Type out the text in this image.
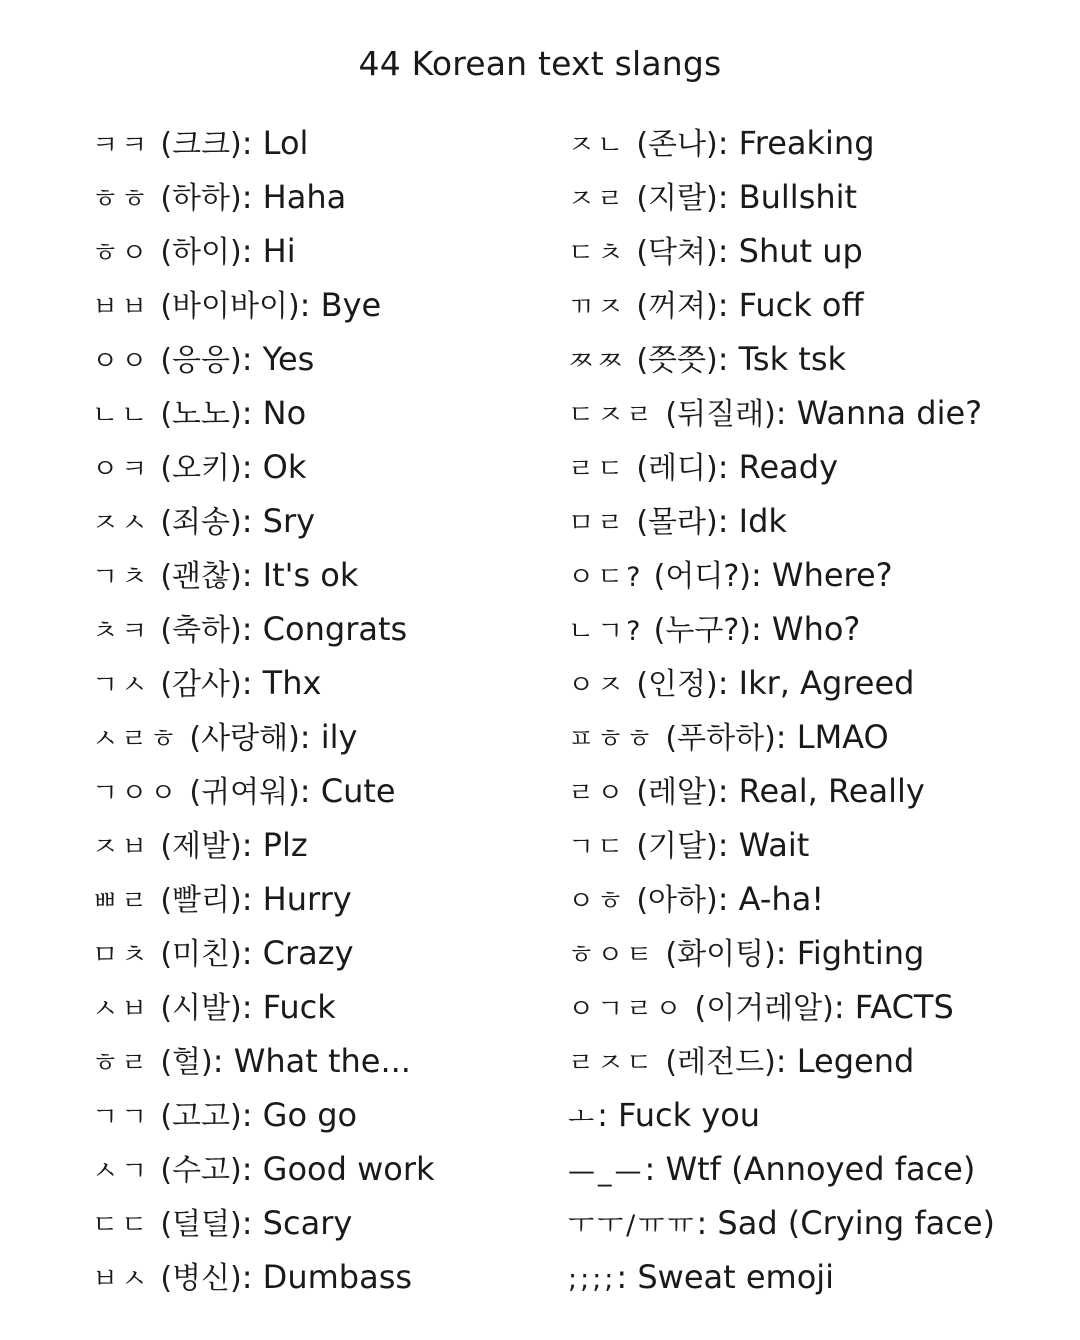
44 Korean text slangs
ㅋㅋ (크크): Lol
ㅎㅎ (하하): Haha
ㅎㅇ (하이): Hi
ㅂㅂ (바이바이): Bye
ㅇㅇ (응응): Yes
ㄴㄴ (노노): No
ㅇㅋ (오키): Ok
ㅈㅅ (죄송): Sry
ㄱㅊ (괜찮): It's ok
ㅊㅋ (축하): Congrats
ㄱㅅ (감사): Thx
ㅅㄹㅎ (사랑해): ily
ㄱㅇㅇ (귀여워): Cute
ㅈㅂ (제발): Plz
ㅃㄹ (빨리): Hurry
ㅁㅊ (미친): Crazy
ㅅㅂ (시발): Fuck
ㅎㄹ (헐): What the...
ㄱㄱ (고고): Go go
ㅅㄱ (수고): Good work
ㄷㄷ (덜덜): Scary
ㅂㅅ (병신): Dumbass
ㅈㄴ (존나): Freaking
ㅈㄹ (지랄): Bullshit
ㄷㅊ (닥쳐): Shut up
ㄲㅈ (꺼져): Fuck off
ㅉㅉ (쯧쯧): Tsk tsk
ㄷㅈㄹ (뒤질래): Wanna die?
ㄹㄷ (레디): Ready
ㅁㄹ (몰라): Idk
ㅇㄷ? (어디?): Where?
ㄴㄱ? (누구?): Who?
ㅇㅈ (인정): Ikr, Agreed
ㅍㅎㅎ (푸하하): LMAO
ㄹㅇ (레알): Real, Really
ㄱㄷ (기달): Wait
ㅇㅎ (아하): A-ha!
ㅎㅇㅌ (화이팅): Fighting
ㅇㄱㄹㅇ (이거레알): FACTS
ㄹㅈㄷ (레전드): Legend
ㅗ: Fuck you
—_—: Wtf (Annoyed face)
ㅜㅜ/ㅠㅠ: Sad (Crying face)
;;;;: Sweat emoji
